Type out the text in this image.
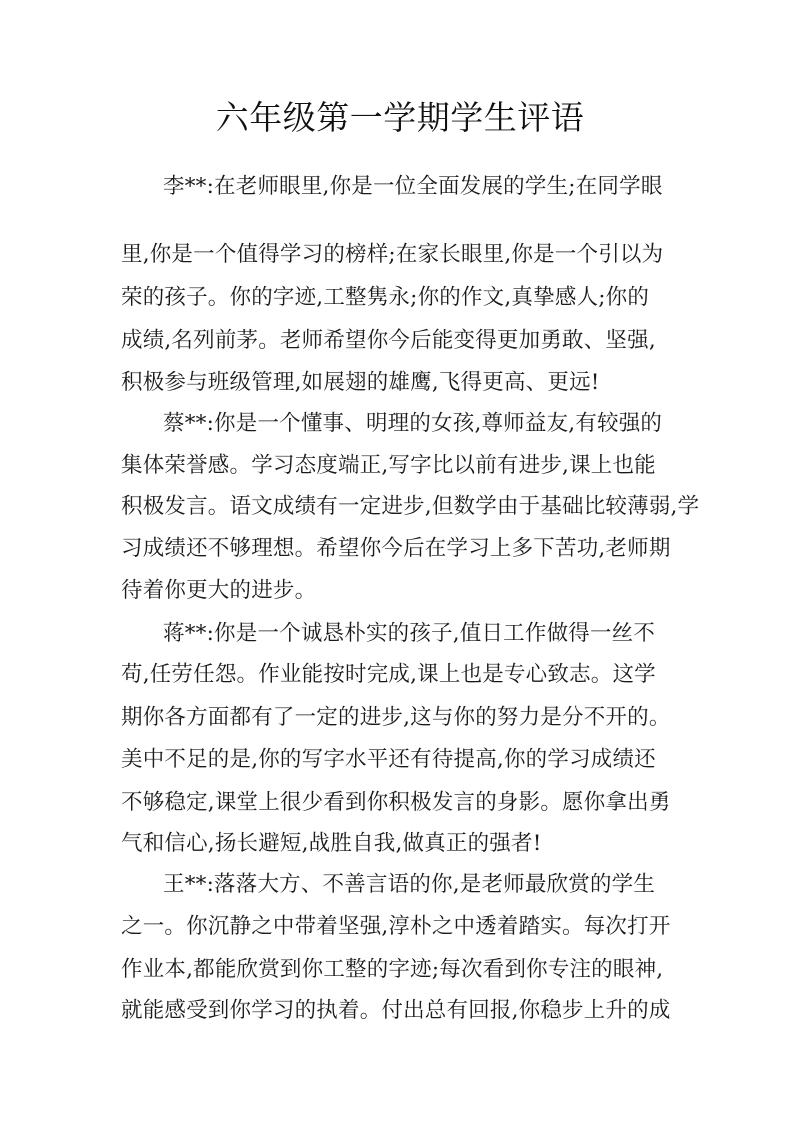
六年级第一学期学生评语
李**:在老师眼里,你是一位全面发展的学生;在同学眼
里,你是一个值得学习的榜样;在家长眼里,你是一个引以为
荣的孩子。你的字迹,工整隽永;你的作文,真挚感人;你的
成绩,名列前茅。老师希望你今后能变得更加勇敢、坚强,
积极参与班级管理,如展翅的雄鹰,飞得更高、更远!
蔡**:你是一个懂事、明理的女孩,尊师益友,有较强的
集体荣誉感。学习态度端正,写字比以前有进步,课上也能
积极发言。语文成绩有一定进步,但数学由于基础比较薄弱,学
习成绩还不够理想。希望你今后在学习上多下苦功,老师期
待着你更大的进步。
蒋**:你是一个诚恳朴实的孩子,值日工作做得一丝不
苟,任劳任怨。作业能按时完成,课上也是专心致志。这学
期你各方面都有了一定的进步,这与你的努力是分不开的。
美中不足的是,你的写字水平还有待提高,你的学习成绩还
不够稳定,课堂上很少看到你积极发言的身影。愿你拿出勇
气和信心,扬长避短,战胜自我,做真正的强者!
王**:落落大方、不善言语的你,是老师最欣赏的学生
之一。你沉静之中带着坚强,淳朴之中透着踏实。每次打开
作业本,都能欣赏到你工整的字迹;每次看到你专注的眼神,
就能感受到你学习的执着。付出总有回报,你稳步上升的成
